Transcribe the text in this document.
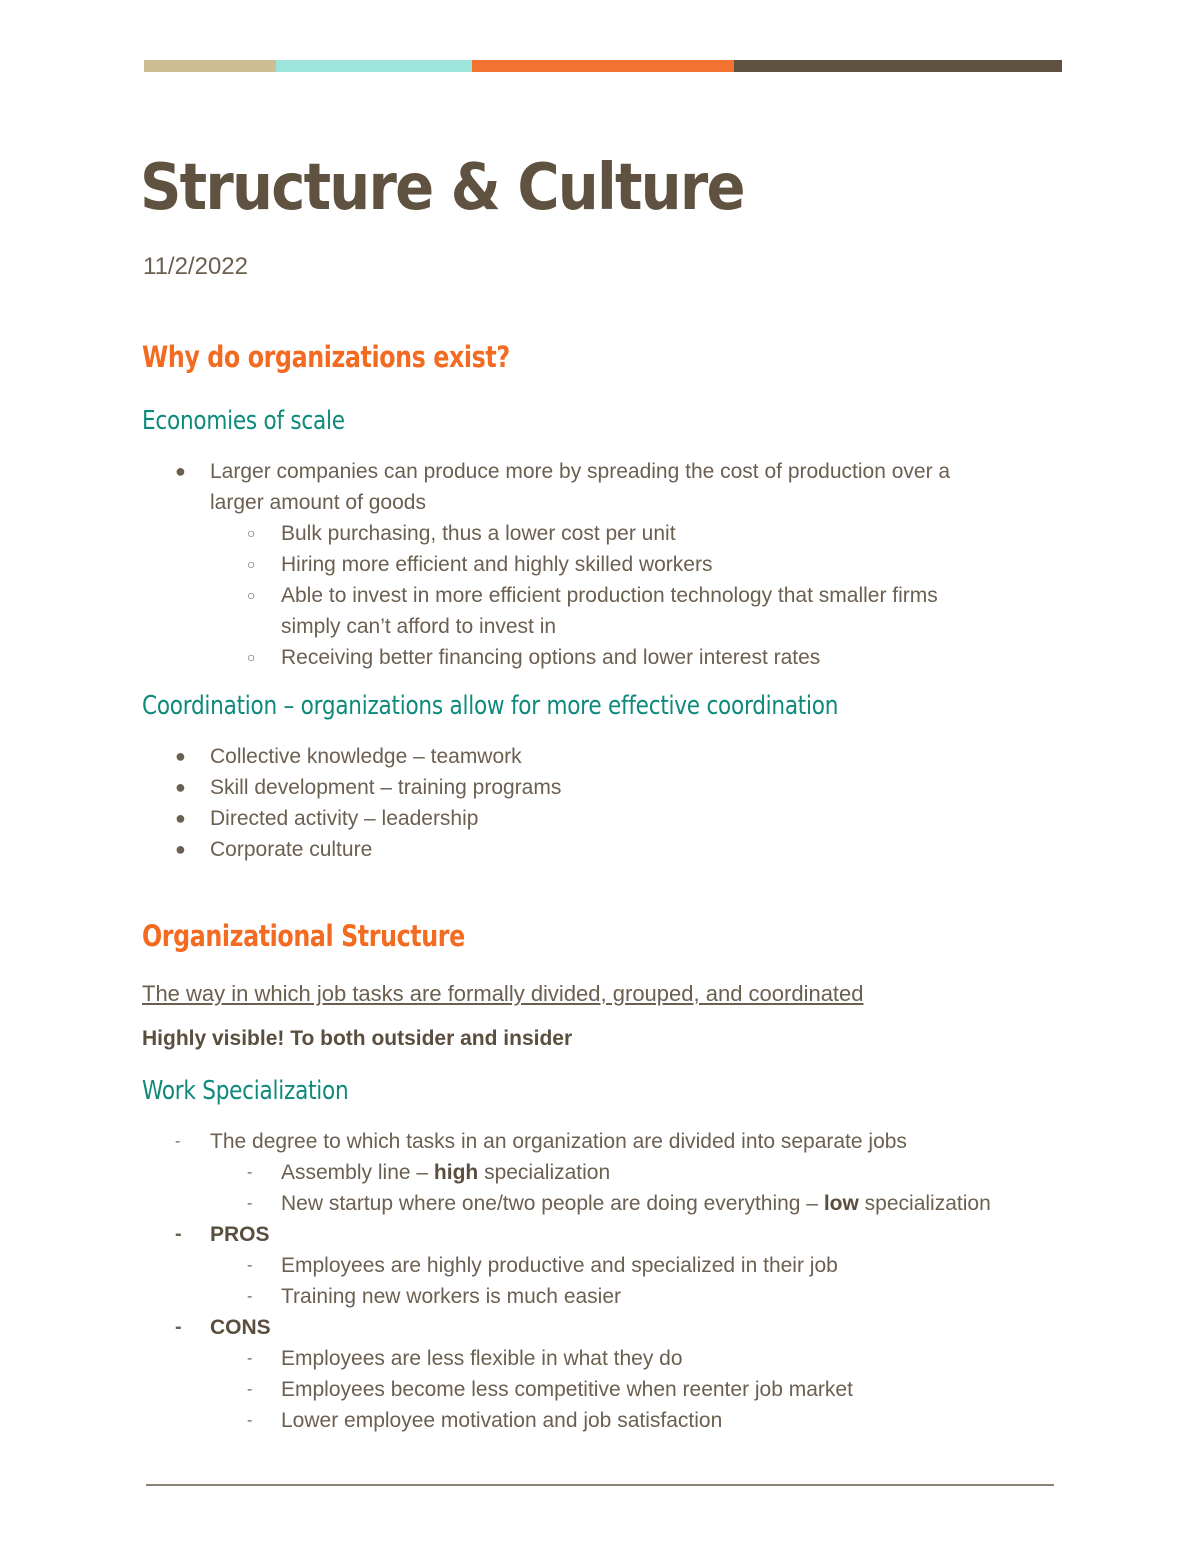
Structure & Culture
11/2/2022
Why do organizations exist?
Economies of scale
● Larger companies can produce more by spreading the cost of production over a
larger amount of goods
○ Bulk purchasing, thus a lower cost per unit
○ Hiring more efficient and highly skilled workers
○ Able to invest in more efficient production technology that smaller firms
simply can’t afford to invest in
○ Receiving better financing options and lower interest rates
Coordination – organizations allow for more effective coordination
● Collective knowledge – teamwork
● Skill development – training programs
● Directed activity – leadership
● Corporate culture
Organizational Structure
The way in which job tasks are formally divided, grouped, and coordinated
Highly visible! To both outsider and insider
Work Specialization
- The degree to which tasks in an organization are divided into separate jobs
- Assembly line – high specialization
- New startup where one/two people are doing everything – low specialization
- PROS
- Employees are highly productive and specialized in their job
- Training new workers is much easier
- CONS
- Employees are less flexible in what they do
- Employees become less competitive when reenter job market
- Lower employee motivation and job satisfaction
